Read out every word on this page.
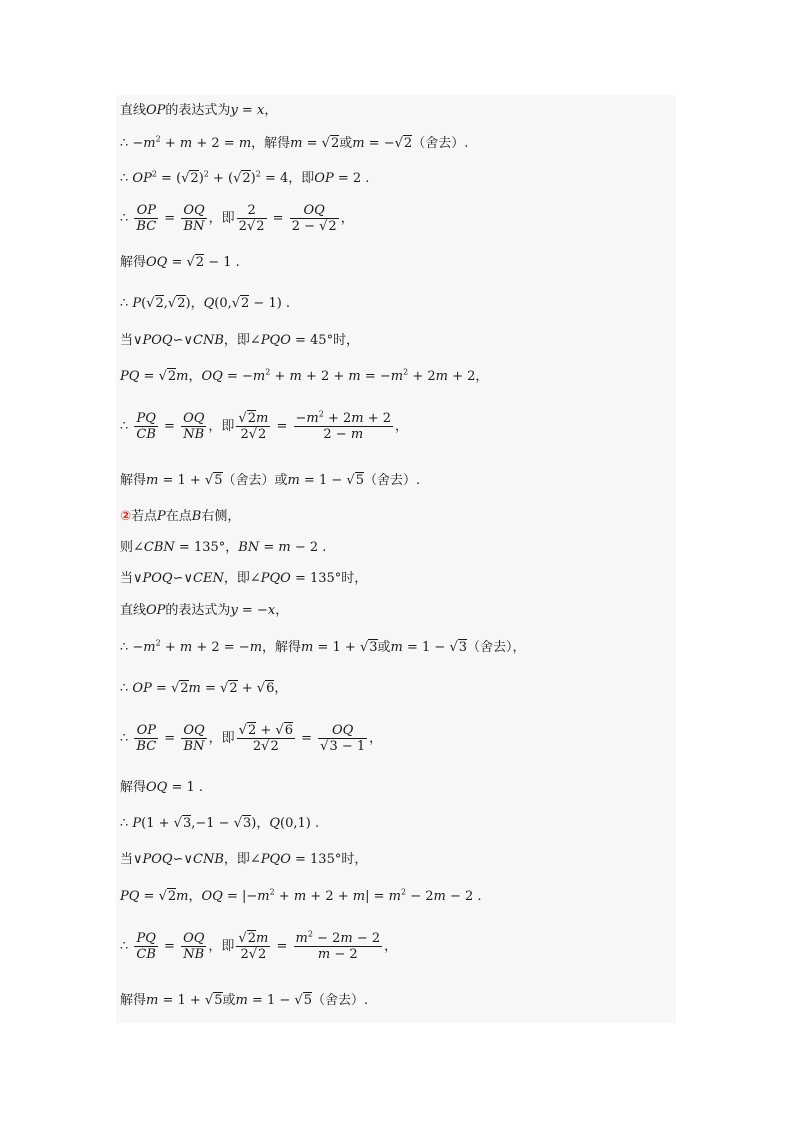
直线OP的表达式为y = x，
∴ $-m^2 + m + 2 = m$，解得m = √2或m = −√2（舍去）.
∴ $OP^2 = (√2)^2 + (√2)^2 = 4$，即OP = 2 .
∴ $\frac{OP}{BC} = \frac{OQ}{BN}$ ，即 $\frac{2}{2√2} = \frac{OQ}{2 - √2}$ ，
解得OQ = √2 − 1 .
∴ P(√2,√2)，Q(0,√2 − 1) .
当∨POQ∽∨CNB，即∠PQO = 45°时，
PQ = √2m，OQ = $-m^2 + m + 2 + m = -m^2 + 2m + 2$，
∴ $\frac{PQ}{CB} = \frac{OQ}{NB}$ ，即 $\frac{√2m}{2√2} = \frac{-m^2 + 2m + 2}{2 - m}$ ，
解得m = 1 + √5（舍去）或m = 1 − √5（舍去）.
②若点P在点B右侧，
则∠CBN = 135°，BN = m − 2 .
当∨POQ∽∨CEN，即∠PQO = 135°时，
直线OP的表达式为y = −x，
∴ $-m^2 + m + 2 = -m$，解得m = 1 + √3或m = 1 − √3（舍去），
∴ OP = √2m = √2 + √6，
∴ $\frac{OP}{BC} = \frac{OQ}{BN}$ ，即 $\frac{√2 + √6}{2√2} = \frac{OQ}{√3 - 1}$ ，
解得OQ = 1 .
∴ P(1 + √3,−1 − √3)，Q(0,1) .
当∨POQ∽∨CNB，即∠PQO = 135°时，
PQ = √2m，OQ = $|-m^2 + m + 2 + m| = m^2 - 2m - 2$ .
∴ $\frac{PQ}{CB} = \frac{OQ}{NB}$ ，即 $\frac{√2m}{2√2} = \frac{m^2 - 2m - 2}{m - 2}$ ，
解得m = 1 + √5或m = 1 − √5（舍去）.
